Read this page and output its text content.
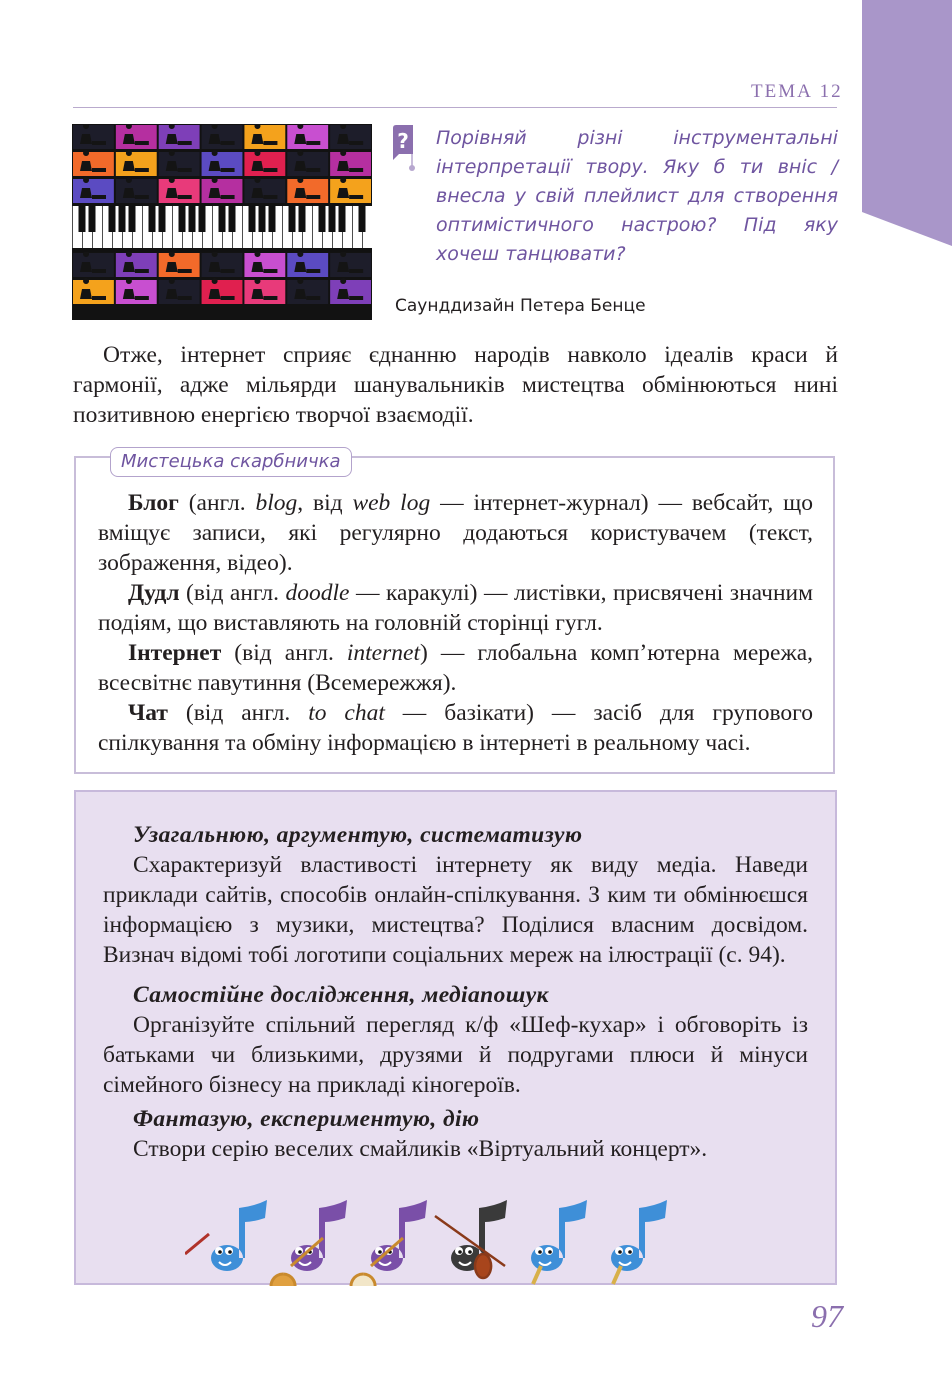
ТЕМА 12
? Порівняй різні інструментальні інтерпретації твору. Яку б ти вніс / внесла у свій плейлист для створення оптимістичного настрою? Під яку хочеш танцювати?
Саунддизайн Петера Бенце
Отже, інтернет сприяє єднанню народів навколо ідеалів краси й гармонії, адже мільярди шанувальників мистецтва обмінюються нині позитивною енергією творчої взаємодії.
Мистецька скарбничка

Блог (англ. blog, від web log — інтернет-журнал) — вебсайт, що вміщує записи, які регулярно додаються користувачем (текст, зображення, відео).

Дудл (від англ. doodle — каракулі) — листівки, присвячені значним подіям, що виставляють на головній сторінці гугл.

Інтернет (від англ. internet) — глобальна комп’ютерна мережа, всесвітнє павутиння (Всемережжя).

Чат (від англ. to chat — базікати) — засіб для групового спілкування та обміну інформацією в інтернеті в реальному часі.

Узагальнюю, аргументую, систематизую

Схарактеризуй властивості інтернету як виду медіа. Наведи приклади сайтів, способів онлайн-спілкування. З ким ти обмінюєшся інформацією з музики, мистецтва? Поділися власним досвідом. Визнач відомі тобі логотипи соціальних мереж на ілюстрації (с. 94).

Самостійне дослідження, медіапошук

Організуйте спільний перегляд к/ф «Шеф-кухар» і обговоріть із батьками чи близькими, друзями й подругами плюси й мінуси сімейного бізнесу на прикладі кіногероїв.

Фантазую, експериментую, дію

Створи серію веселих смайликів «Віртуальний концерт».

97
